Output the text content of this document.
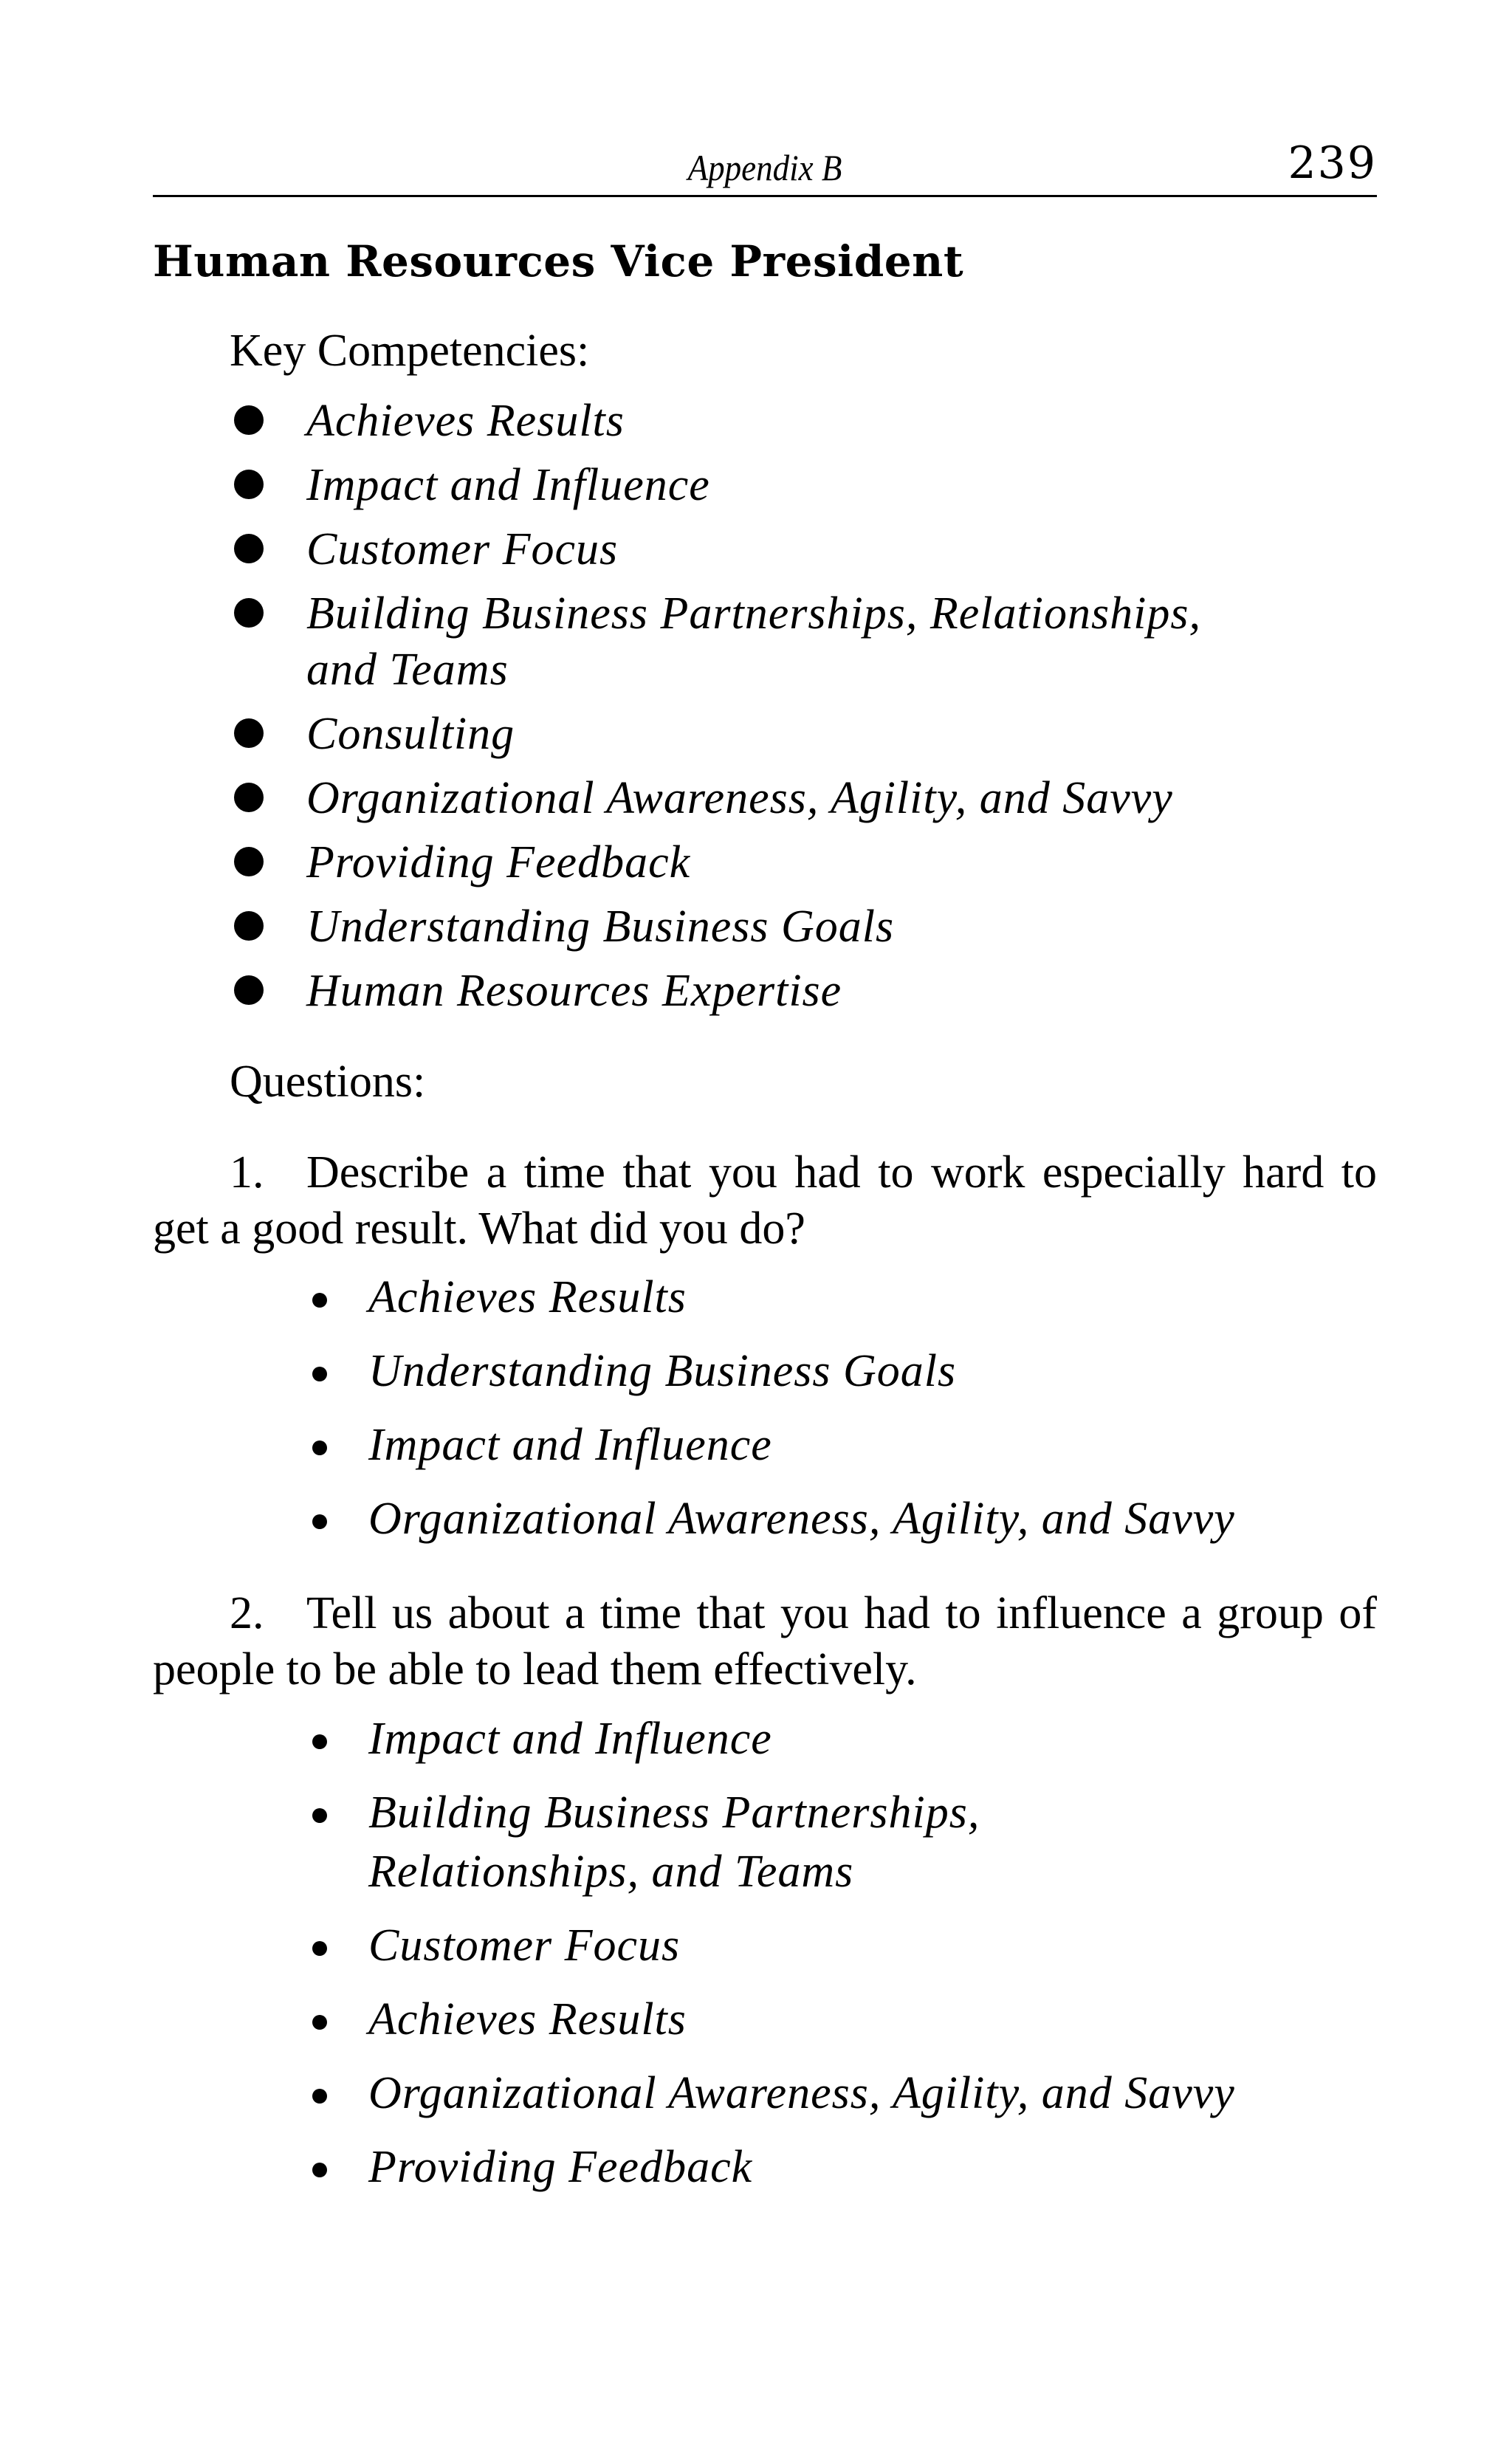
Appendix B	239
Human Resources Vice President
Key Competencies:
Achieves Results
Impact and Influence
Customer Focus
Building Business Partnerships, Relationships, and Teams
Consulting
Organizational Awareness, Agility, and Savvy
Providing Feedback
Understanding Business Goals
Human Resources Expertise
Questions:

1. Describe a time that you had to work especially hard to get a good result. What did you do?

Achieves Results
Understanding Business Goals
Impact and Influence
Organizational Awareness, Agility, and Savvy

2. Tell us about a time that you had to influence a group of people to be able to lead them effectively.

Impact and Influence
Building Business Partnerships, Relationships, and Teams
Customer Focus
Achieves Results
Organizational Awareness, Agility, and Savvy
Providing Feedback
